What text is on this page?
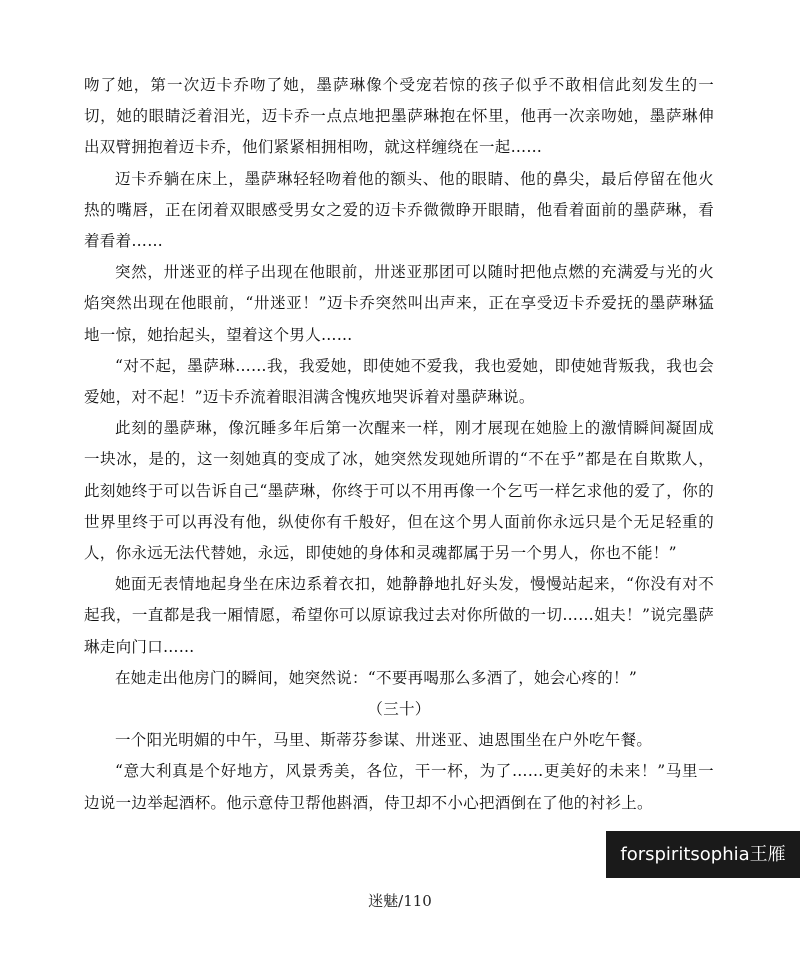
吻了她，第一次迈卡乔吻了她，墨萨琳像个受宠若惊的孩子似乎不敢相信此刻发生的一切，她的眼睛泛着泪光，迈卡乔一点点地把墨萨琳抱在怀里，他再一次亲吻她，墨萨琳伸出双臂拥抱着迈卡乔，他们紧紧相拥相吻，就这样缠绕在一起……

迈卡乔躺在床上，墨萨琳轻轻吻着他的额头、他的眼睛、他的鼻尖，最后停留在他火热的嘴唇，正在闭着双眼感受男女之爱的迈卡乔微微睁开眼睛，他看着面前的墨萨琳，看着看着……

突然，卅迷亚的样子出现在他眼前，卅迷亚那团可以随时把他点燃的充满爱与光的火焰突然出现在他眼前，“卅迷亚！”迈卡乔突然叫出声来，正在享受迈卡乔爱抚的墨萨琳猛地一惊，她抬起头，望着这个男人……

“对不起，墨萨琳……我，我爱她，即使她不爱我，我也爱她，即使她背叛我，我也会爱她，对不起！”迈卡乔流着眼泪满含愧疚地哭诉着对墨萨琳说。

此刻的墨萨琳，像沉睡多年后第一次醒来一样，刚才展现在她脸上的激情瞬间凝固成一块冰，是的，这一刻她真的变成了冰，她突然发现她所谓的“不在乎”都是在自欺欺人，此刻她终于可以告诉自己“墨萨琳，你终于可以不用再像一个乞丐一样乞求他的爱了，你的世界里终于可以再没有他，纵使你有千般好，但在这个男人面前你永远只是个无足轻重的人，你永远无法代替她，永远，即使她的身体和灵魂都属于另一个男人，你也不能！”

她面无表情地起身坐在床边系着衣扣，她静静地扎好头发，慢慢站起来，“你没有对不起我，一直都是我一厢情愿，希望你可以原谅我过去对你所做的一切……姐夫！”说完墨萨琳走向门口……

在她走出他房门的瞬间，她突然说：“不要再喝那么多酒了，她会心疼的！”

（三十）

一个阳光明媚的中午，马里、斯蒂芬参谋、卅迷亚、迪恩围坐在户外吃午餐。

“意大利真是个好地方，风景秀美，各位，干一杯，为了……更美好的未来！”马里一边说一边举起酒杯。他示意侍卫帮他斟酒，侍卫却不小心把酒倒在了他的衬衫上。

forspiritsophia王雁
迷魅/110
